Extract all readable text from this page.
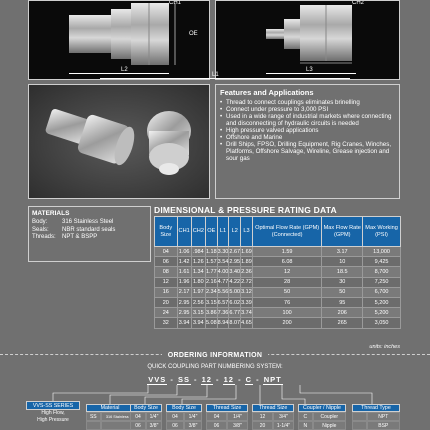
OE
CH1
L2
CH2
L3
L1
Features and Applications
• Thread to connect couplings eliminates brinelling
• Connect under pressure to 3,000 PSI
• Used in a wide range of industrial markets where connecting and disconnecting of hydraulic circuits is needed
• High pressure valved applications
• Offshore and Marine
• Drill Ships, FPSO, Drilling Equipment, Rig Cranes, Winches, Platforms, Offshore Salvage, Wireline, Grease injection and sour gas
MATERIALS
Body:	316 Stainless Steel
Seals:	NBR standard seals
Threads:	NPT & BSPP
DIMENSIONAL & PRESSURE RATING DATA
Body Size	CH1	CH2	OE	L1	L2	L3	Optimal Flow Rate (GPM) (Connected)	Max Flow Rate (GPM)	Max Working (PSI)
04	1.06	.984	1.18	3.30	2.67	1.69	1.59	3.17	13,000
06	1.42	1.26	1.57	3.54	2.95	1.89	6.08	10	9,425
08	1.61	1.34	1.77	4.00	3.40	2.36	12	18.5	8,700
12	1.96	1.80	2.16	4.77	4.22	2.72	28	30	7,250
16	2.17	1.97	2.34	5.56	5.00	3.12	50	50	6,700
20	2.95	2.56	3.15	6.57	6.02	3.39	76	95	5,200
24	2.95	3.15	3.86	7.36	6.77	3.74	100	206	5,200
32	3.94	3.94	5.08	8.94	8.07	4.65	200	265	3,050
units: inches
ORDERING INFORMATION
QUICK COUPLING PART NUMBERING SYSTEM:
VVS - SS - 12 - 12 - C - NPT
VVS-SS SERIES
High Flow,
High Pressure
Material
SS	316 Stainless
Body Size
04	1/4"
06	3/8"
Body Size
04	1/4"
06	3/8"
Thread Size
04	1/4"
06	3/8"
Thread Size
12	3/4"
20	1-1/4"
Coupler / Nipple
C	Coupler
N	Nipple
Thread Type
NPT
BSP
